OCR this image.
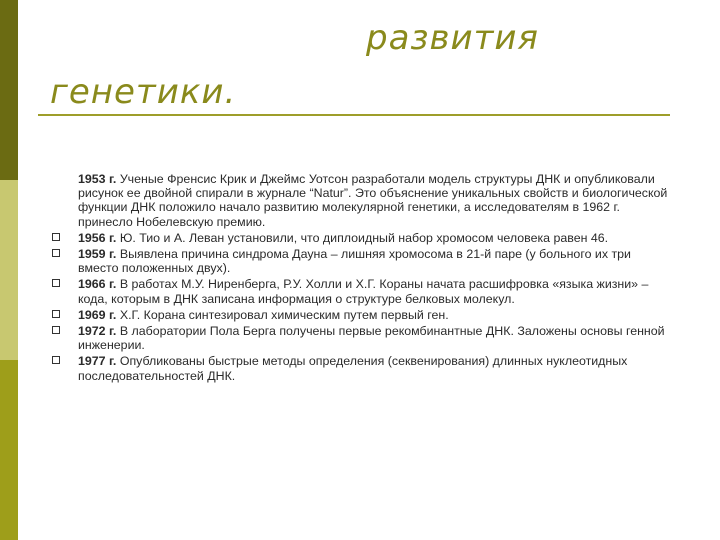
развития
генетики.
1953 г. Ученые Френсис Крик и Джеймс Уотсон разработали модель структуры ДНК и опубликовали рисунок ее двойной спирали в журнале “Natur”. Это объяснение уникальных свойств и биологической функции ДНК положило начало развитию молекулярной генетики, а исследователям в 1962 г. принесло Нобелевскую премию.
1956 г. Ю. Тио и А. Леван установили, что диплоидный набор хромосом человека равен 46.
1959 г. Выявлена причина синдрома Дауна – лишняя хромосома в 21-й паре (у больного их три вместо положенных двух).
1966 г. В работах М.У. Ниренберга, Р.У. Холли и Х.Г. Кораны начата расшифровка «языка жизни» – кода, которым в ДНК записана информация о структуре белковых молекул.
1969 г. Х.Г. Корана синтезировал химическим путем первый ген.
1972 г. В лаборатории Пола Берга получены первые рекомбинантные ДНК. Заложены основы генной инженерии.
1977 г. Опубликованы быстрые методы определения (секвенирования) длинных нуклеотидных последовательностей ДНК.
